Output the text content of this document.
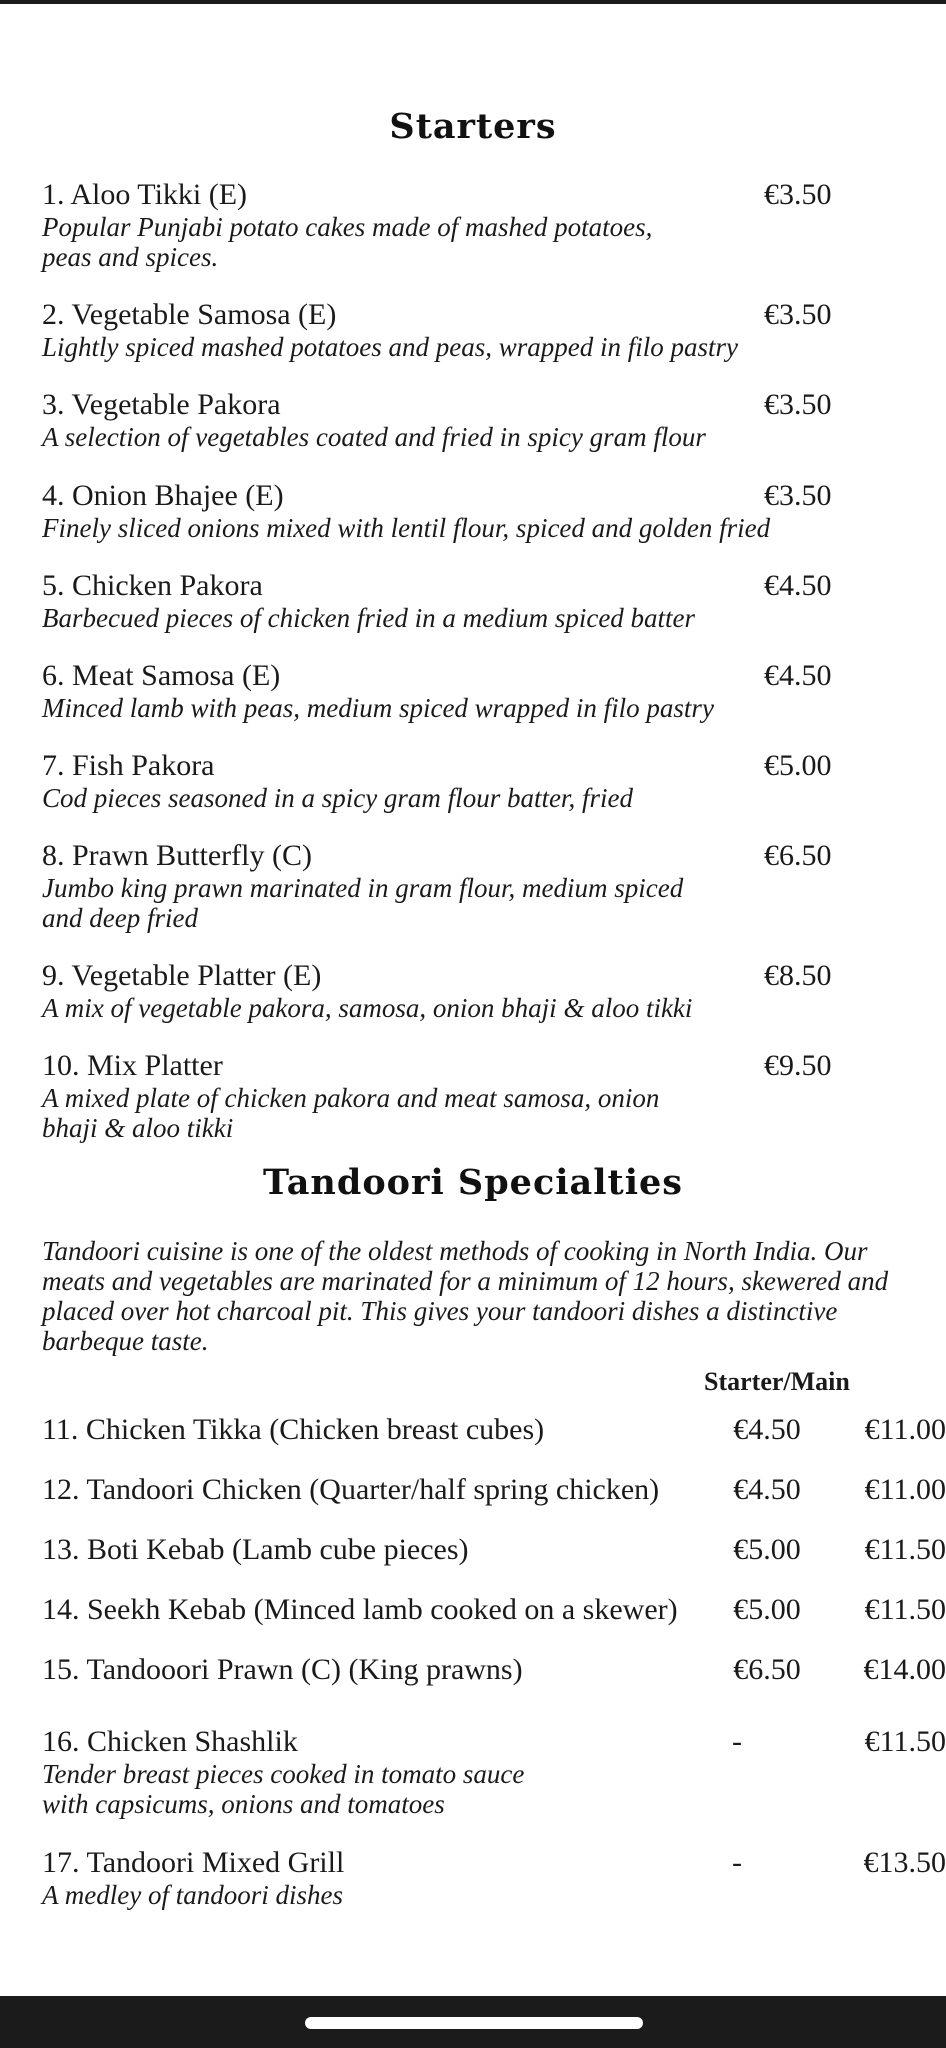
Starters
1. Aloo Tikki (E)	€3.50
Popular Punjabi potato cakes made of mashed potatoes,
peas and spices.
2. Vegetable Samosa (E)	€3.50
Lightly spiced mashed potatoes and peas, wrapped in filo pastry
3. Vegetable Pakora	€3.50
A selection of vegetables coated and fried in spicy gram flour
4. Onion Bhajee (E)	€3.50
Finely sliced onions mixed with lentil flour, spiced and golden fried
5. Chicken Pakora	€4.50
Barbecued pieces of chicken fried in a medium spiced batter
6. Meat Samosa (E)	€4.50
Minced lamb with peas, medium spiced wrapped in filo pastry
7. Fish Pakora	€5.00
Cod pieces seasoned in a spicy gram flour batter, fried
8. Prawn Butterfly (C)	€6.50
Jumbo king prawn marinated in gram flour, medium spiced
and deep fried
9. Vegetable Platter (E)	€8.50
A mix of vegetable pakora, samosa, onion bhaji & aloo tikki
10. Mix Platter	€9.50
A mixed plate of chicken pakora and meat samosa, onion
bhaji & aloo tikki
Tandoori Specialties
Tandoori cuisine is one of the oldest methods of cooking in North India. Our meats and vegetables are marinated for a minimum of 12 hours, skewered and placed over hot charcoal pit. This gives your tandoori dishes a distinctive barbeque taste.
Starter/Main
11. Chicken Tikka (Chicken breast cubes)	€4.50	€11.00
12. Tandoori Chicken (Quarter/half spring chicken)	€4.50	€11.00
13. Boti Kebab (Lamb cube pieces)	€5.00	€11.50
14. Seekh Kebab (Minced lamb cooked on a skewer)	€5.00	€11.50
15. Tandooori Prawn (C) (King prawns)	€6.50	€14.00
16. Chicken Shashlik	-	€11.50
Tender breast pieces cooked in tomato sauce
with capsicums, onions and tomatoes
17. Tandoori Mixed Grill	-	€13.50
A medley of tandoori dishes
